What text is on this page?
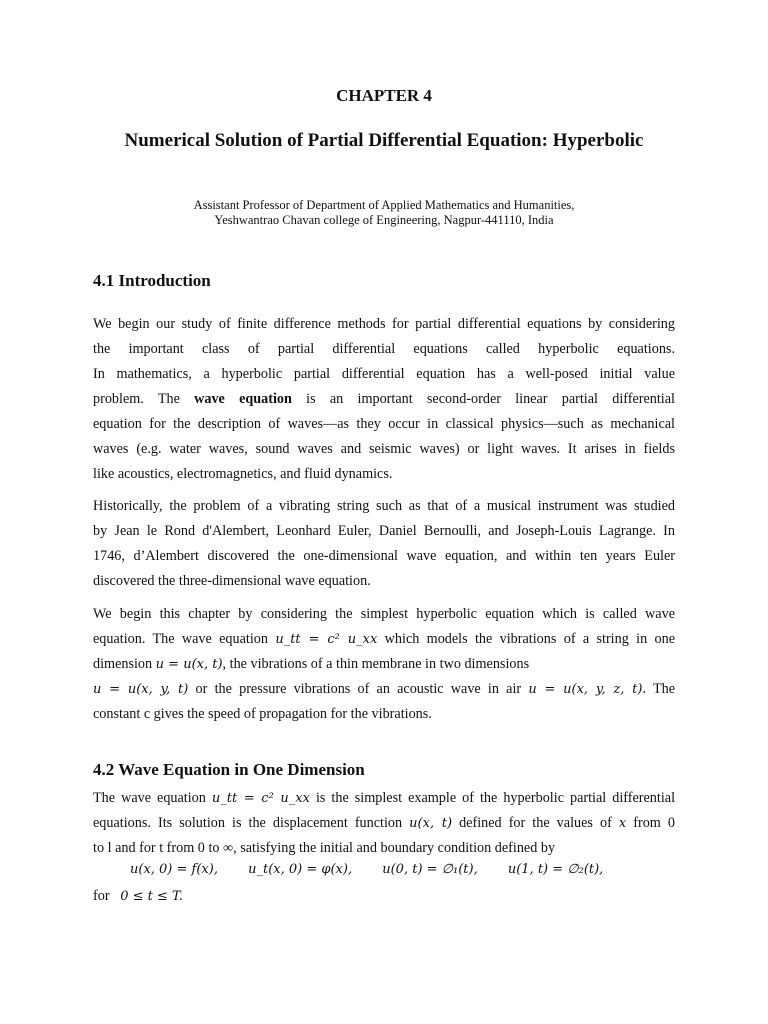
CHAPTER 4
Numerical Solution of Partial Differential Equation: Hyperbolic
Assistant Professor of Department of Applied Mathematics and Humanities,
Yeshwantrao Chavan college of Engineering, Nagpur-441110, India
4.1 Introduction
We begin our study of finite difference methods for partial differential equations by considering
the important class of partial differential equations called hyperbolic equations.
In mathematics, a hyperbolic partial differential equation has a well-posed initial value
problem. The wave equation is an important second-order linear partial differential
equation for the description of waves—as they occur in classical physics—such as mechanical
waves (e.g. water waves, sound waves and seismic waves) or light waves. It arises in fields
like acoustics, electromagnetics, and fluid dynamics.
Historically, the problem of a vibrating string such as that of a musical instrument was studied
by Jean le Rond d'Alembert, Leonhard Euler, Daniel Bernoulli, and Joseph-Louis Lagrange. In
1746, d’Alembert discovered the one-dimensional wave equation, and within ten years Euler
discovered the three-dimensional wave equation.
We begin this chapter by considering the simplest hyperbolic equation which is called wave
equation. The wave equation u_tt = c² u_xx which models the vibrations of a string in one
dimension u = u(x, t), the vibrations of a thin membrane in two dimensions
u = u(x, y, t) or the pressure vibrations of an acoustic wave in air u = u(x, y, z, t). The
constant c gives the speed of propagation for the vibrations.
4.2 Wave Equation in One Dimension
The wave equation u_tt = c² u_xx is the simplest example of the hyperbolic partial differential
equations. Its solution is the displacement function u(x, t) defined for the values of x from 0
to l and for t from 0 to ∞, satisfying the initial and boundary condition defined by
u(x, 0) = f(x), u_t(x, 0) = φ(x), u(0, t) = ∅₁(t), u(1, t) = ∅₂(t),
for 0 ≤ t ≤ T.
